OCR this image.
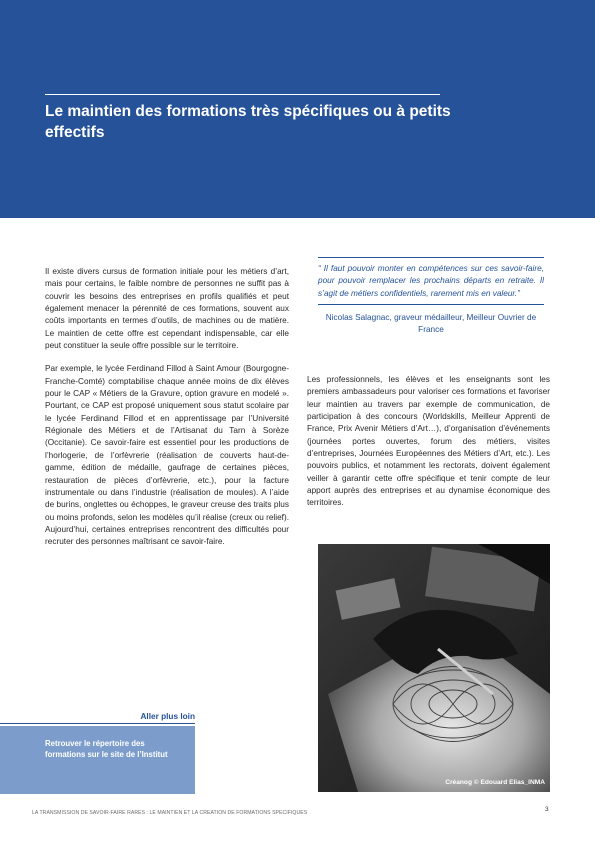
Le maintien des formations très spécifiques ou à petits effectifs

Il existe divers cursus de formation initiale pour les métiers d’art, mais pour certains, le faible nombre de personnes ne suffit pas à couvrir les besoins des entreprises en profils qualifiés et peut également menacer la pérennité de ces formations, souvent aux coûts importants en termes d’outils, de machines ou de matière. Le maintien de cette offre est cependant indispensable, car elle peut constituer la seule offre possible sur le territoire.

Par exemple, le lycée Ferdinand Fillod à Saint Amour (Bourgogne-Franche-Comté) comptabilise chaque année moins de dix élèves pour le CAP « Métiers de la Gravure, option gravure en modelé ». Pourtant, ce CAP est proposé uniquement sous statut scolaire par le lycée Ferdinand Fillod et en apprentissage par l’Université Régionale des Métiers et de l’Artisanat du Tarn à Sorèze (Occitanie). Ce savoir-faire est essentiel pour les productions de l’horlogerie, de l’orfèvrerie (réalisation de couverts haut-de-gamme, édition de médaille, gaufrage de certaines pièces, restauration de pièces d’orfèvrerie, etc.), pour la facture instrumentale ou dans l’industrie (réalisation de moules). A l’aide de burins, onglettes ou échoppes, le graveur creuse des traits plus ou moins profonds, selon les modèles qu’il réalise (creux ou relief). Aujourd’hui, certaines entreprises rencontrent des difficultés pour recruter des personnes maîtrisant ce savoir-faire.

“ Il faut pouvoir monter en compétences sur ces savoir-faire, pour pouvoir remplacer les prochains départs en retraite. Il s’agit de métiers confidentiels, rarement mis en valeur.”

Nicolas Salagnac, graveur médailleur, Meilleur Ouvrier de France

Les professionnels, les élèves et les enseignants sont les premiers ambassadeurs pour valoriser ces formations et favoriser leur maintien au travers par exemple de communication, de participation à des concours (Worldskills, Meilleur Apprenti de France, Prix Avenir Métiers d’Art…), d’organisation d’événements (journées portes ouvertes, forum des métiers, visites d’entreprises, Journées Européennes des Métiers d’Art, etc.). Les pouvoirs publics, et notamment les rectorats, doivent également veiller à garantir cette offre spécifique et tenir compte de leur apport auprès des entreprises et au dynamise économique des territoires.

Créanog © Edouard Elias_INMA
Aller plus loin
Retrouver le répertoire des formations sur le site de l’Institut
LA TRANSMISSION DE SAVOIR-FAIRE RARES : LE MAINTIEN ET LA CREATION DE FORMATIONS SPECIFIQUES	3
